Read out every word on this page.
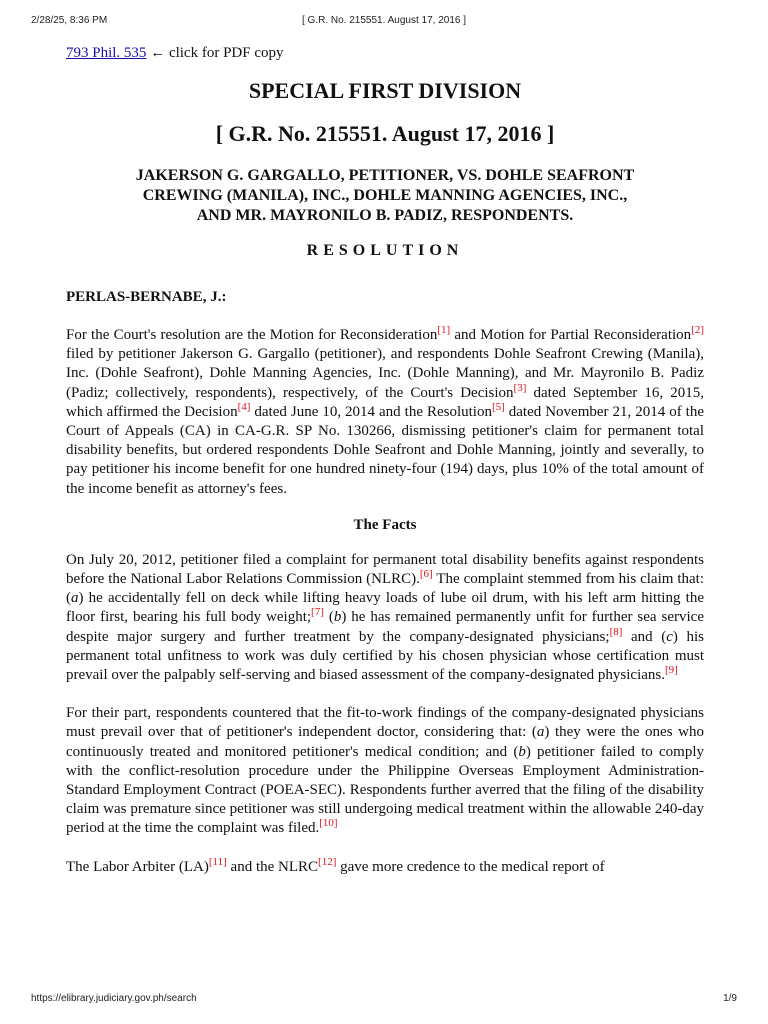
2/28/25, 8:36 PM	[ G.R. No. 215551. August 17, 2016 ]
793 Phil. 535 ← click for PDF copy
SPECIAL FIRST DIVISION
[ G.R. No. 215551. August 17, 2016 ]
JAKERSON G. GARGALLO, PETITIONER, VS. DOHLE SEAFRONT
CREWING (MANILA), INC., DOHLE MANNING AGENCIES, INC.,
AND MR. MAYRONILO B. PADIZ, RESPONDENTS.
RESOLUTION
PERLAS-BERNABE, J.:
For the Court's resolution are the Motion for Reconsideration[1] and Motion for Partial Reconsideration[2] filed by petitioner Jakerson G. Gargallo (petitioner), and respondents Dohle Seafront Crewing (Manila), Inc. (Dohle Seafront), Dohle Manning Agencies, Inc. (Dohle Manning), and Mr. Mayronilo B. Padiz (Padiz; collectively, respondents), respectively, of the Court's Decision[3] dated September 16, 2015, which affirmed the Decision[4] dated June 10, 2014 and the Resolution[5] dated November 21, 2014 of the Court of Appeals (CA) in CA-G.R. SP No. 130266, dismissing petitioner's claim for permanent total disability benefits, but ordered respondents Dohle Seafront and Dohle Manning, jointly and severally, to pay petitioner his income benefit for one hundred ninety-four (194) days, plus 10% of the total amount of the income benefit as attorney's fees.
The Facts
On July 20, 2012, petitioner filed a complaint for permanent total disability benefits against respondents before the National Labor Relations Commission (NLRC).[6] The complaint stemmed from his claim that: (a) he accidentally fell on deck while lifting heavy loads of lube oil drum, with his left arm hitting the floor first, bearing his full body weight;[7] (b) he has remained permanently unfit for further sea service despite major surgery and further treatment by the company-designated physicians;[8] and (c) his permanent total unfitness to work was duly certified by his chosen physician whose certification must prevail over the palpably self-serving and biased assessment of the company-designated physicians.[9]
For their part, respondents countered that the fit-to-work findings of the company-designated physicians must prevail over that of petitioner's independent doctor, considering that: (a) they were the ones who continuously treated and monitored petitioner's medical condition; and (b) petitioner failed to comply with the conflict-resolution procedure under the Philippine Overseas Employment Administration-Standard Employment Contract (POEA-SEC). Respondents further averred that the filing of the disability claim was premature since petitioner was still undergoing medical treatment within the allowable 240-day period at the time the complaint was filed.[10]
The Labor Arbiter (LA)[11] and the NLRC[12] gave more credence to the medical report of
https://elibrary.judiciary.gov.ph/search	1/9
